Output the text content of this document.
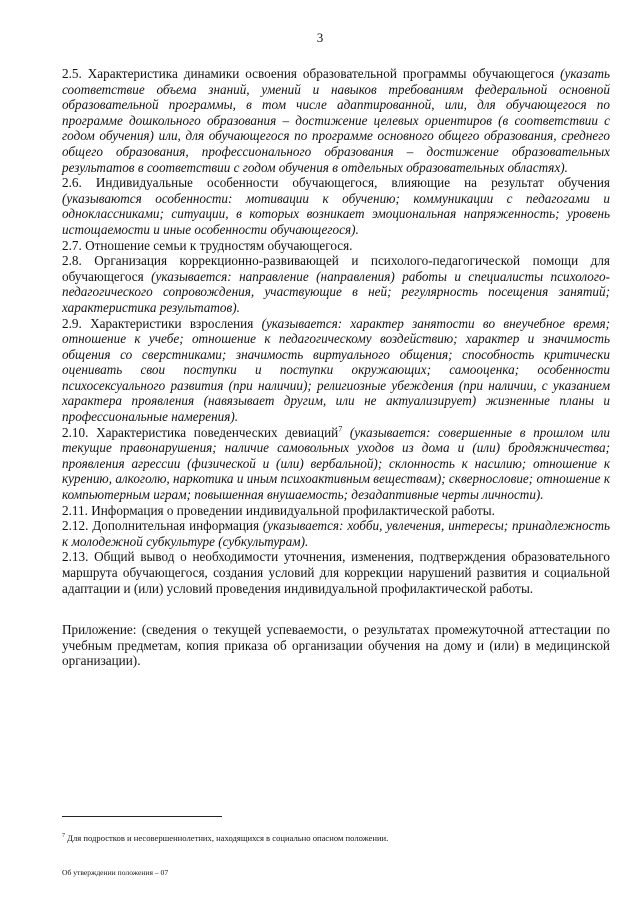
3

2.5. Характеристика динамики освоения образовательной программы обучающегося (указать соответствие объема знаний, умений и навыков требованиям федеральной основной образовательной программы, в том числе адаптированной, или, для обучающегося по программе дошкольного образования – достижение целевых ориентиров (в соответствии с годом обучения) или, для обучающегося по программе основного общего образования, среднего общего образования, профессионального образования – достижение образовательных результатов в соответствии с годом обучения в отдельных образовательных областях).

2.6. Индивидуальные особенности обучающегося, влияющие на результат обучения (указываются особенности: мотивации к обучению; коммуникации с педагогами и одноклассниками; ситуации, в которых возникает эмоциональная напряженность; уровень истощаемости и иные особенности обучающегося).

2.7. Отношение семьи к трудностям обучающегося.

2.8. Организация коррекционно-развивающей и психолого-педагогической помощи для обучающегося (указывается: направление (направления) работы и специалисты психолого-педагогического сопровождения, участвующие в ней; регулярность посещения занятий; характеристика результатов).

2.9. Характеристики взросления (указывается: характер занятости во внеучебное время; отношение к учебе; отношение к педагогическому воздействию; характер и значимость общения со сверстниками; значимость виртуального общения; способность критически оценивать свои поступки и поступки окружающих; самооценка; особенности психосексуального развития (при наличии); религиозные убеждения (при наличии, с указанием характера проявления (навязывает другим, или не актуализирует) жизненные планы и профессиональные намерения).

2.10. Характеристика поведенческих девиаций$^7$ (указывается: совершенные в прошлом или текущие правонарушения; наличие самовольных уходов из дома и (или) бродяжничества; проявления агрессии (физической и (или) вербальной); склонность к насилию; отношение к курению, алкоголю, наркотика и иным психоактивным веществам); сквернословие; отношение к компьютерным играм; повышенная внушаемость; дезадаптивные черты личности).

2.11. Информация о проведении индивидуальной профилактической работы.

2.12. Дополнительная информация (указывается: хобби, увлечения, интересы; принадлежность к молодежной субкультуре (субкультурам).

2.13. Общий вывод о необходимости уточнения, изменения, подтверждения образовательного маршрута обучающегося, создания условий для коррекции нарушений развития и социальной адаптации и (или) условий проведения индивидуальной профилактической работы.

Приложение: (сведения о текущей успеваемости, о результатах промежуточной аттестации по учебным предметам, копия приказа об организации обучения на дому и (или) в медицинской организации).

$^7$ Для подростков и несовершеннолетних, находящихся в социально опасном положении.
Об утверждении положения – 07
